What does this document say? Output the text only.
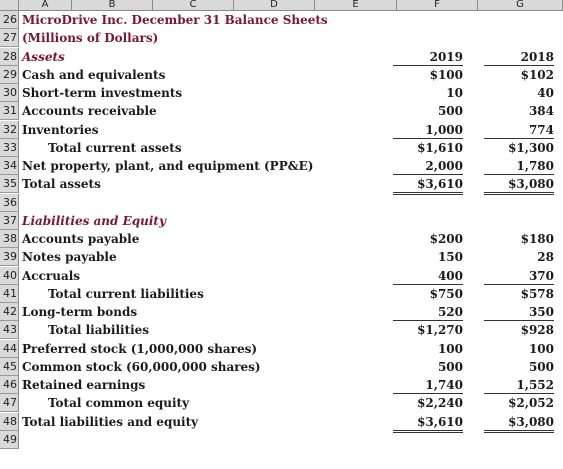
A	B	C	D	E	F	G
26 MicroDrive Inc. December 31 Balance Sheets
27 (Millions of Dollars)
28 Assets	2019	2018
29 Cash and equivalents	$100	$102
30 Short-term investments	10	40
31 Accounts receivable	500	384
32 Inventories	1,000	774
33	Total current assets	$1,610	$1,300
34 Net property, plant, and equipment (PP&E)	2,000	1,780
35 Total assets	$3,610	$3,080
36
37 Liabilities and Equity
38 Accounts payable	$200	$180
39 Notes payable	150	28
40 Accruals	400	370
41	Total current liabilities	$750	$578
42 Long-term bonds	520	350
43	Total liabilities	$1,270	$928
44 Preferred stock (1,000,000 shares)	100	100
45 Common stock (60,000,000 shares)	500	500
46 Retained earnings	1,740	1,552
47	Total common equity	$2,240	$2,052
48 Total liabilities and equity	$3,610	$3,080
49
